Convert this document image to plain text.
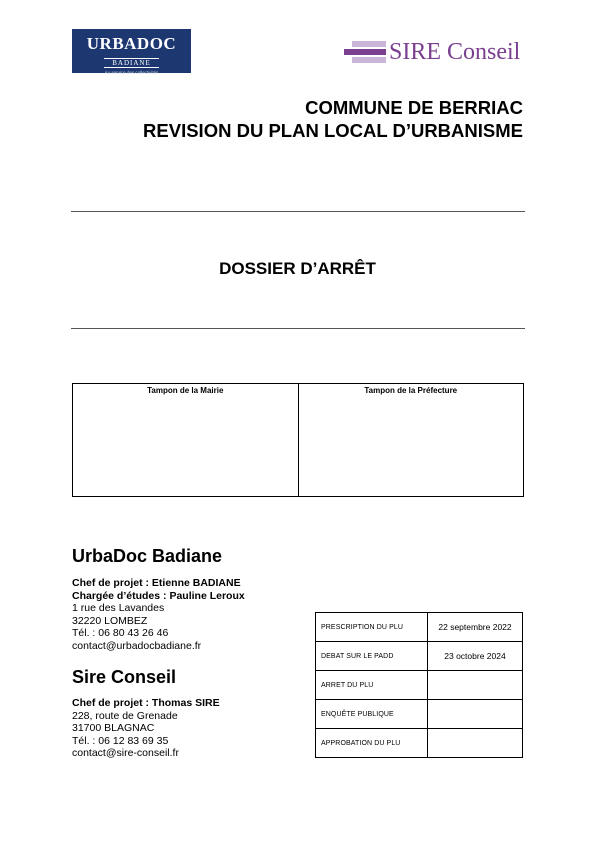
URBADOC
BADIANE
Au service des collectivités
SIRE Conseil
COMMUNE DE BERRIAC
REVISION DU PLAN LOCAL D’URBANISME
DOSSIER D’ARRÊT
Tampon de la Mairie	Tampon de la Préfecture
UrbaDoc Badiane
Chef de projet : Etienne BADIANE
Chargée d’études : Pauline Leroux
1 rue des Lavandes
32220 LOMBEZ
Tél. : 06 80 43 26 46
contact@urbadocbadiane.fr
Sire Conseil
Chef de projet : Thomas SIRE
228, route de Grenade
31700 BLAGNAC
Tél. : 06 12 83 69 35
contact@sire-conseil.fr
PRESCRIPTION DU PLU	22 septembre 2022
DEBAT SUR LE PADD	23 octobre 2024
ARRET DU PLU	
ENQUÊTE PUBLIQUE	
APPROBATION DU PLU	
